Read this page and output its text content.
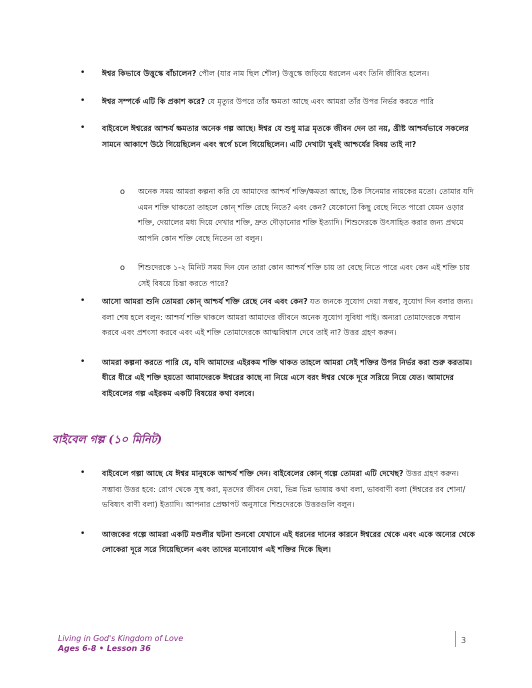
• ঈশ্বর কিভাবে উত্তুস্কে বাঁচালেন? পৌল (যার নাম ছিল শৌল) উত্তুস্কে জড়িয়ে ধরলেন এবং তিনি জীবিত হলেন।
• ঈশ্বর সম্পর্কে এটি কি প্রকাশ করে? যে মৃত্যুর উপরে তাঁর ক্ষমতা আছে এবং আমরা তাঁর উপর নির্ভর করতে পারি
• বাইবেলে ঈশ্বরের আশ্চর্য ক্ষমতার অনেক গল্প আছে। ঈশ্বর যে শুধু মাত্র মৃতকে জীবন দেন তা নয়, খ্রীষ্ট আশ্চর্যভাবে সকলের সামনে আকাশে উঠে গিয়েছিলেন এবং স্বর্গে চলে গিয়েছিলেন। এটি দেখাটা খুবই আশ্চর্যের বিষয় তাই না?
o অনেক সময় আমরা কল্পনা করি যে আমাদের আশ্চর্য শক্তি/ক্ষমতা আছে, ঠিক সিনেমার নায়কের মতো। তোমার যদি এমন শক্তি থাকতো তাহলে কোন্ শক্তি রেছে নিতে? এবং কেন? যেকোনো কিছু বেছে নিতে পারো যেমন ওড়ার শক্তি, দেয়ালের মধ্য দিয়ে দেখার শক্তি, দ্রুত দৌড়ানোর শক্তি ইত্যাদি। শিশুদেরকে উৎসাহিত করার জন্য প্রথমে আপনি কোন শক্তি বেছে নিতেন তা বলুন।
o শিশুদেরকে ১-২ মিনিট সময় দিন যেন তারা কোন আশ্চর্য শক্তি চায় তা বেছে নিতে পারে এবং কেন এই শক্তি চায় সেই বিষয়ে চিন্তা করতে পারে?
• আসো আমরা শুনি তোমরা কোন্ আশ্চর্য শক্তি রেছে নেব এবং কেন? যত জনকে সুযোগ দেয়া সম্ভব, সুযোগ দিন বলার জন্য। বলা শেষ হলে বলুন: আশ্চর্য শক্তি থাকলে আমরা আমাদের জীবনে অনেক সুযোগ সুবিধা পাই। অন্যরা তোমাদেরকে সম্মান করবে এবং প্রশংসা করবে এবং এই শক্তি তোমাদেরকে আত্মবিশ্বাস দেবে তাই না? উত্তর গ্রহণ করুন।
• আমরা কল্পনা করতে পারি যে, যদি আমাদের এইরকম শক্তি থাকত তাহলে আমরা সেই শক্তির উপর নির্ভর করা শুরু করতাম। ধীরে ধীরে এই শক্তি হয়তো আমাদেরকে ঈশ্বরের কাছে না নিয়ে এসে বরং ঈশ্বর থেকে দূরে সরিয়ে নিয়ে যেত। আমাদের বাইবেলের গল্প এইরকম একটি বিষয়ের কথা বলবে।
বাইবেল গল্প (১০ মিনিট)
• বাইবেলে গল্পা আছে যে ঈশ্বর মানুষকে আশ্চর্য শক্তি দেন। বাইবেলের কোন্ গল্পে তোমরা এটি দেখেছ? উত্তর গ্রহণ করুন। সম্ভাব্য উত্তর হবে: রোগ থেকে সুস্থ করা, মৃতদের জীবন দেয়া, ভিন্ন ভিন্ন ভাষায় কথা বলা, ভাববাণী বলা (ঈশ্বরের রব শোনা/ ভবিষ্যৎ বাণী বলা) ইত্যাদি। আপনার প্রেক্ষাপট অনুসারে শিশুদেরকে উত্তরগুলি বলুন।
• আজকের গল্পে আমরা একটি মণ্ডলীর ঘটনা শুনবো যেখানে এই ধরনের দানের কারনে ঈশ্বরের থেকে এবং একে অন্যের থেকে লোকেরা দূরে সরে গিয়েছিলেন এবং তাদের মনোযোগ এই শক্তির দিকে ছিল।
Living in God's Kingdom of Love
Ages 6-8 • Lesson 36
3
